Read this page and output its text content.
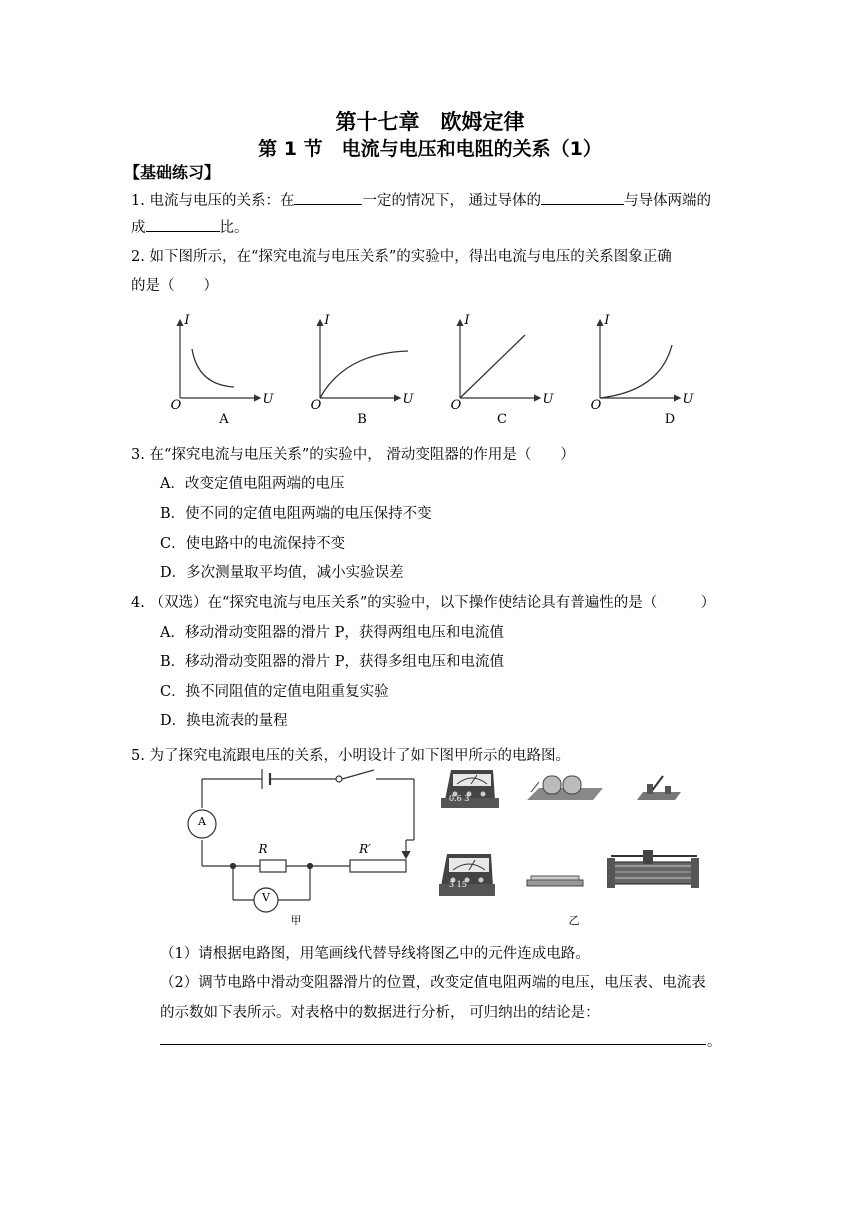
第十七章　欧姆定律
第 1 节　电流与电压和电阻的关系（1）
【基础练习】
1. 电流与电压的关系：在	一定的情况下， 通过导体的	与导体两端的
成	比。
2. 如下图所示，在“探究电流与电压关系”的实验中，得出电流与电压的关系图象正确
的是（　　）
I
U
O
A
I
U
O
B
I
U
O
C
I
U
O
D
3. 在“探究电流与电压关系”的实验中， 滑动变阻器的作用是（　　）
A．改变定值电阻两端的电压
B．使不同的定值电阻两端的电压保持不变
C．使电路中的电流保持不变
D．多次测量取平均值，减小实验误差
4. （双选）在“探究电流与电压关系”的实验中，以下操作使结论具有普遍性的是（　　　）
A．移动滑动变阻器的滑片 P，获得两组电压和电流值
B．移动滑动变阻器的滑片 P，获得多组电压和电流值
C．换不同阻值的定值电阻重复实验
D．换电流表的量程
5. 为了探究电流跟电压的关系，小明设计了如下图甲所示的电路图。
A
R	R′
V
甲
0.6 3
3 15
乙
（1）请根据电路图，用笔画线代替导线将图乙中的元件连成电路。
（2）调节电路中滑动变阻器滑片的位置，改变定值电阻两端的电压，电压表、电流表
的示数如下表所示。对表格中的数据进行分析， 可归纳出的结论是：
。
